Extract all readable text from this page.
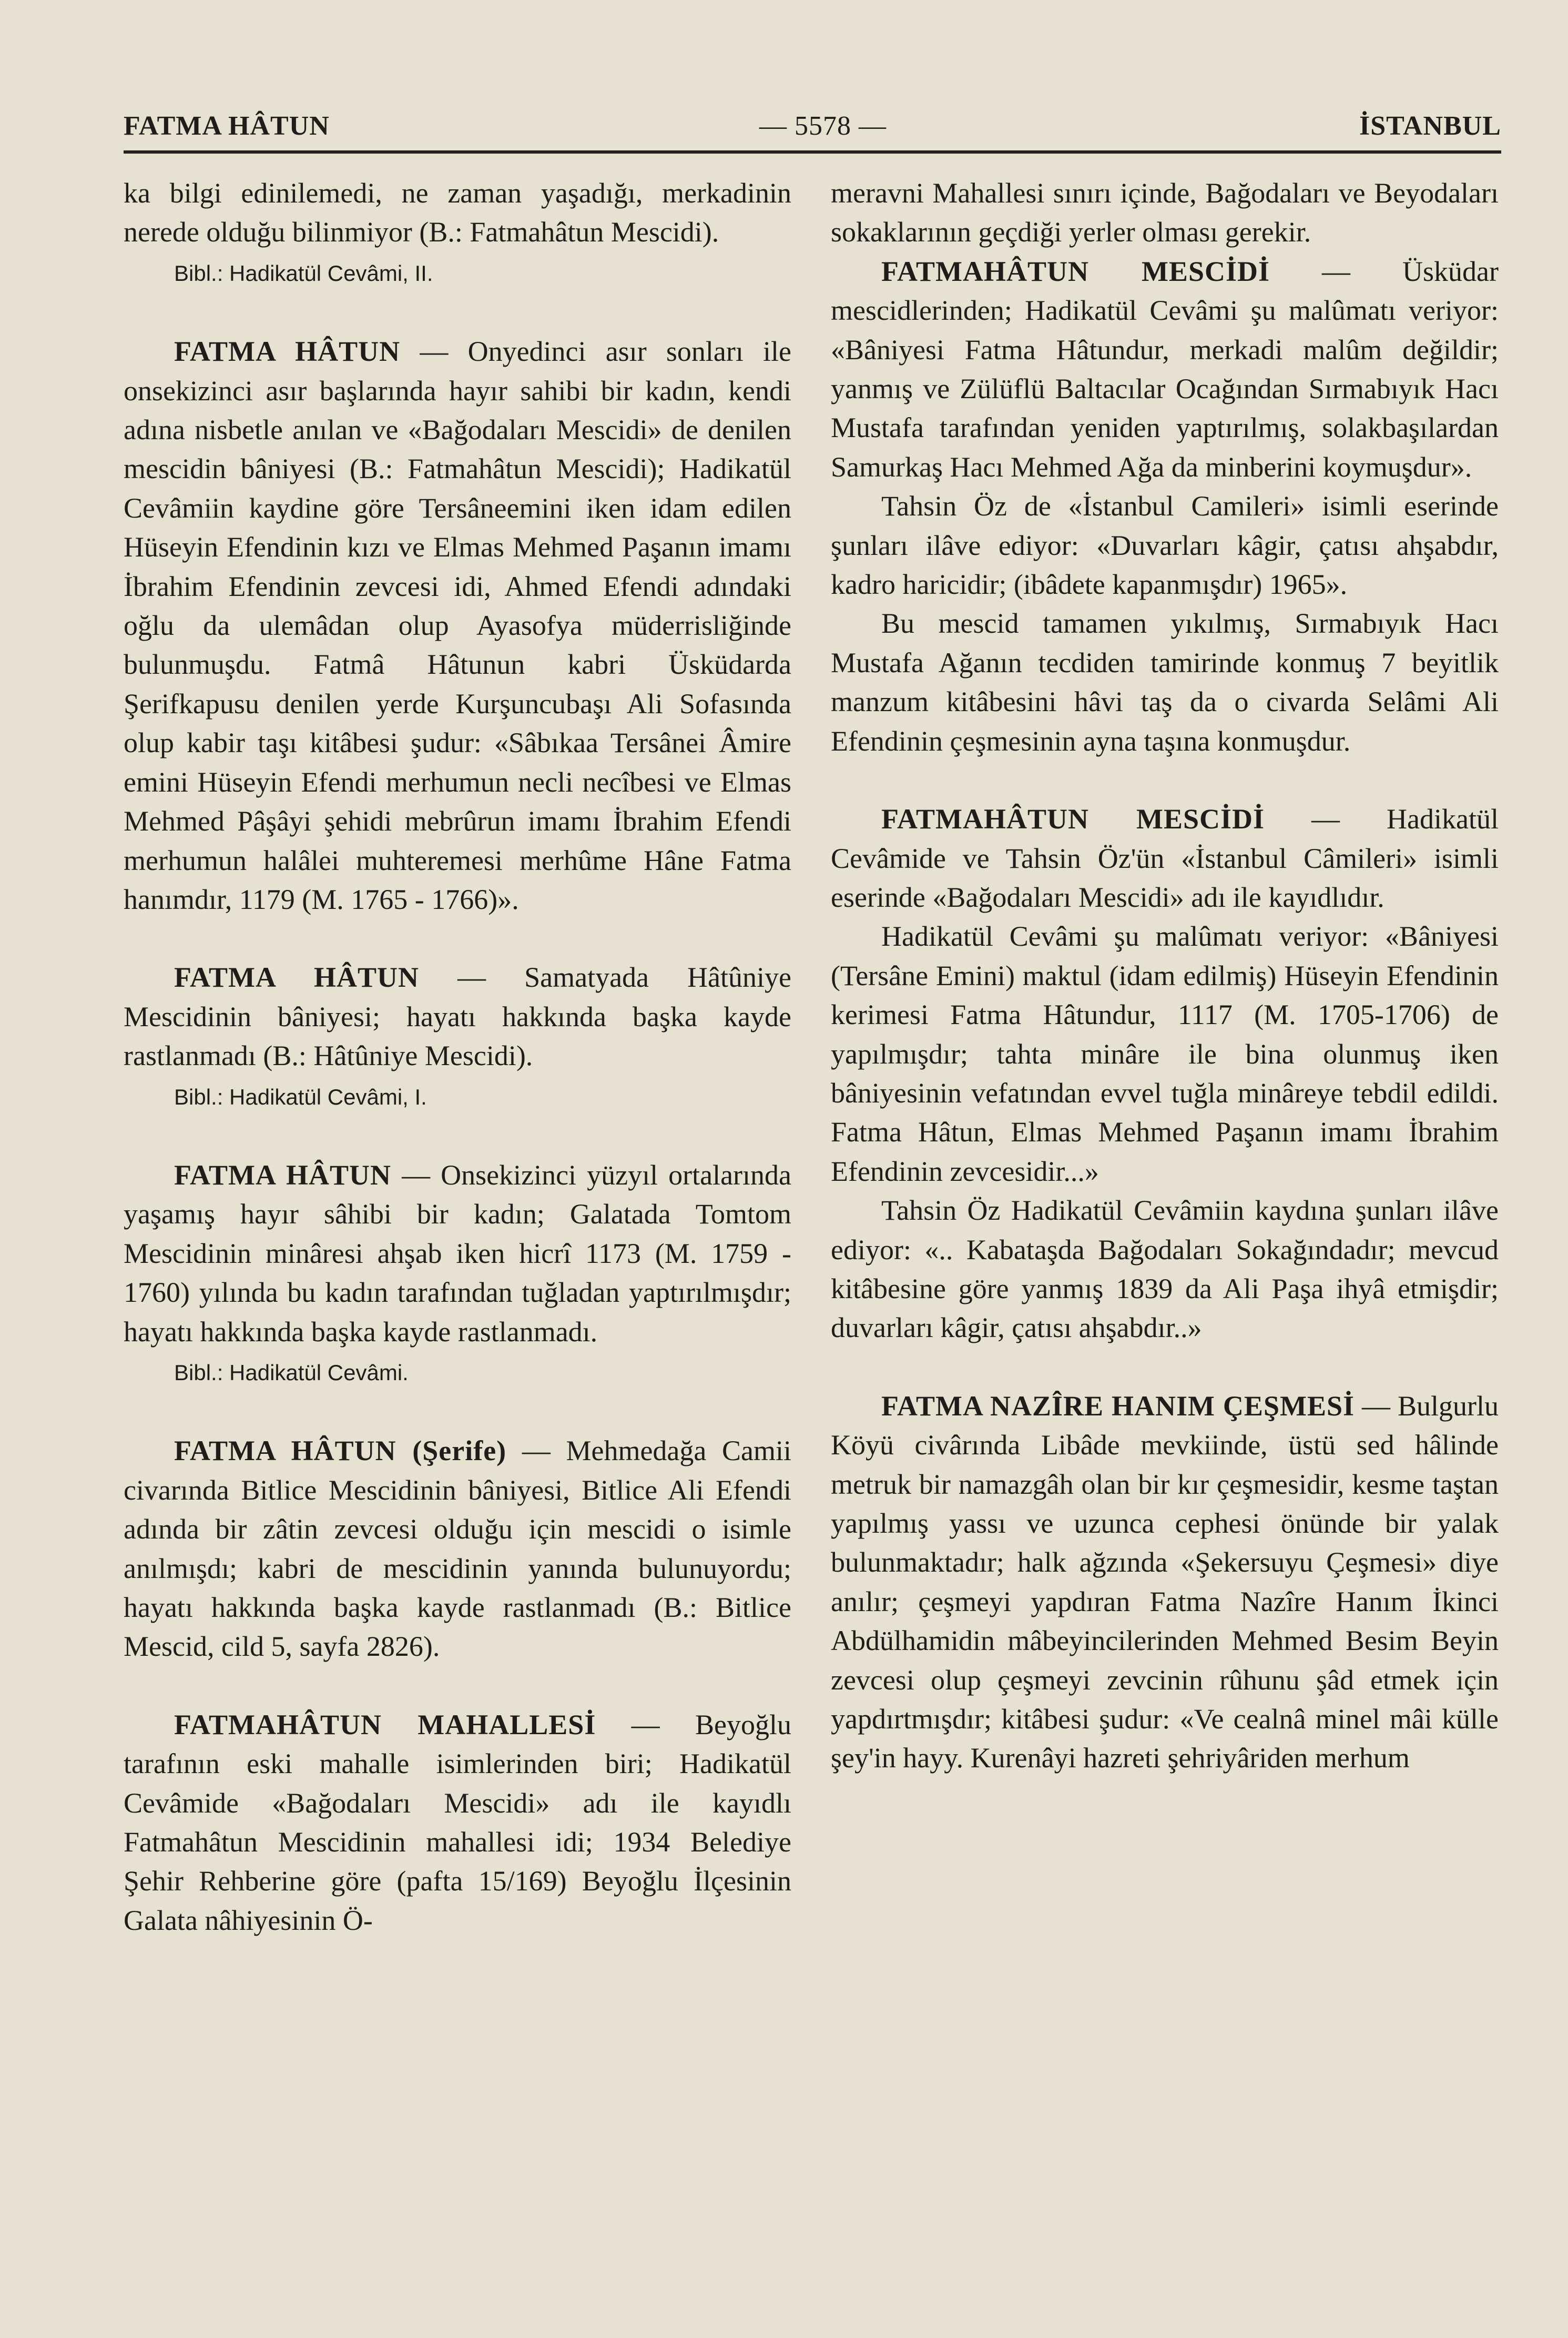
FATMA HÂTUN	— 5578 —	İSTANBUL

ka bilgi edinilemedi, ne zaman yaşadığı, merkadinin nerede olduğu bilinmiyor (B.: Fatmahâtun Mescidi).

Bibl.: Hadikatül Cevâmi, II.

FATMA HÂTUN — Onyedinci asır sonları ile onsekizinci asır başlarında hayır sahibi bir kadın, kendi adına nisbetle anılan ve «Bağodaları Mescidi» de denilen mescidin bâniyesi (B.: Fatmahâtun Mescidi); Hadikatül Cevâmiin kaydine göre Tersâneemini iken idam edilen Hüseyin Efendinin kızı ve Elmas Mehmed Paşanın imamı İbrahim Efendinin zevcesi idi, Ahmed Efendi adındaki oğlu da ulemâdan olup Ayasofya müderrisliğinde bulunmuşdu. Fatmâ Hâtunun kabri Üsküdarda Şerifkapusu denilen yerde Kurşuncubaşı Ali Sofasında olup kabir taşı kitâbesi şudur: «Sâbıkaa Tersânei Âmire emini Hüseyin Efendi merhumun necli necîbesi ve Elmas Mehmed Pâşâyi şehidi mebrûrun imamı İbrahim Efendi merhumun halâlei muhteremesi merhûme Hâne Fatma hanımdır, 1179 (M. 1765 - 1766)».

FATMA HÂTUN — Samatyada Hâtûniye Mescidinin bâniyesi; hayatı hakkında başka kayde rastlanmadı (B.: Hâtûniye Mescidi).

Bibl.: Hadikatül Cevâmi, I.

FATMA HÂTUN — Onsekizinci yüzyıl ortalarında yaşamış hayır sâhibi bir kadın; Galatada Tomtom Mescidinin minâresi ahşab iken hicrî 1173 (M. 1759 - 1760) yılında bu kadın tarafından tuğladan yaptırılmışdır; hayatı hakkında başka kayde rastlanmadı.

Bibl.: Hadikatül Cevâmi.

FATMA HÂTUN (Şerife) — Mehmedağa Camii civarında Bitlice Mescidinin bâniyesi, Bitlice Ali Efendi adında bir zâtin zevcesi olduğu için mescidi o isimle anılmışdı; kabri de mescidinin yanında bulunuyordu; hayatı hakkında başka kayde rastlanmadı (B.: Bitlice Mescid, cild 5, sayfa 2826).

FATMAHÂTUN MAHALLESİ — Beyoğlu tarafının eski mahalle isimlerinden biri; Hadikatül Cevâmide «Bağodaları Mescidi» adı ile kayıdlı Fatmahâtun Mescidinin mahallesi idi; 1934 Belediye Şehir Rehberine göre (pafta 15/169) Beyoğlu İlçesinin Galata nâhiyesinin Ö-

meravni Mahallesi sınırı içinde, Bağodaları ve Beyodaları sokaklarının geçdiği yerler olması gerekir.

FATMAHÂTUN MESCİDİ — Üsküdar mescidlerinden; Hadikatül Cevâmi şu malûmatı veriyor: «Bâniyesi Fatma Hâtundur, merkadi malûm değildir; yanmış ve Zülüflü Baltacılar Ocağından Sırmabıyık Hacı Mustafa tarafından yeniden yaptırılmış, solakbaşılardan Samurkaş Hacı Mehmed Ağa da minberini koymuşdur».

Tahsin Öz de «İstanbul Camileri» isimli eserinde şunları ilâve ediyor: «Duvarları kâgir, çatısı ahşabdır, kadro haricidir; (ibâdete kapanmışdır) 1965».

Bu mescid tamamen yıkılmış, Sırmabıyık Hacı Mustafa Ağanın tecdiden tamirinde konmuş 7 beyitlik manzum kitâbesini hâvi taş da o civarda Selâmi Ali Efendinin çeşmesinin ayna taşına konmuşdur.

FATMAHÂTUN MESCİDİ — Hadikatül Cevâmide ve Tahsin Öz'ün «İstanbul Câmileri» isimli eserinde «Bağodaları Mescidi» adı ile kayıdlıdır.

Hadikatül Cevâmi şu malûmatı veriyor: «Bâniyesi (Tersâne Emini) maktul (idam edilmiş) Hüseyin Efendinin kerimesi Fatma Hâtundur, 1117 (M. 1705-1706) de yapılmışdır; tahta minâre ile bina olunmuş iken bâniyesinin vefatından evvel tuğla minâreye tebdil edildi. Fatma Hâtun, Elmas Mehmed Paşanın imamı İbrahim Efendinin zevcesidir...»

Tahsin Öz Hadikatül Cevâmiin kaydına şunları ilâve ediyor: «.. Kabataşda Bağodaları Sokağındadır; mevcud kitâbesine göre yanmış 1839 da Ali Paşa ihyâ etmişdir; duvarları kâgir, çatısı ahşabdır..»

FATMA NAZÎRE HANIM ÇEŞMESİ — Bulgurlu Köyü civârında Libâde mevkiinde, üstü sed hâlinde metruk bir namazgâh olan bir kır çeşmesidir, kesme taştan yapılmış yassı ve uzunca cephesi önünde bir yalak bulunmaktadır; halk ağzında «Şekersuyu Çeşmesi» diye anılır; çeşmeyi yapdıran Fatma Nazîre Hanım İkinci Abdülhamidin mâbeyincilerinden Mehmed Besim Beyin zevcesi olup çeşmeyi zevcinin rûhunu şâd etmek için yapdırtmışdır; kitâbesi şudur: «Ve cealnâ minel mâi külle şey'in hayy. Kurenâyi hazreti şehriyâriden merhum
